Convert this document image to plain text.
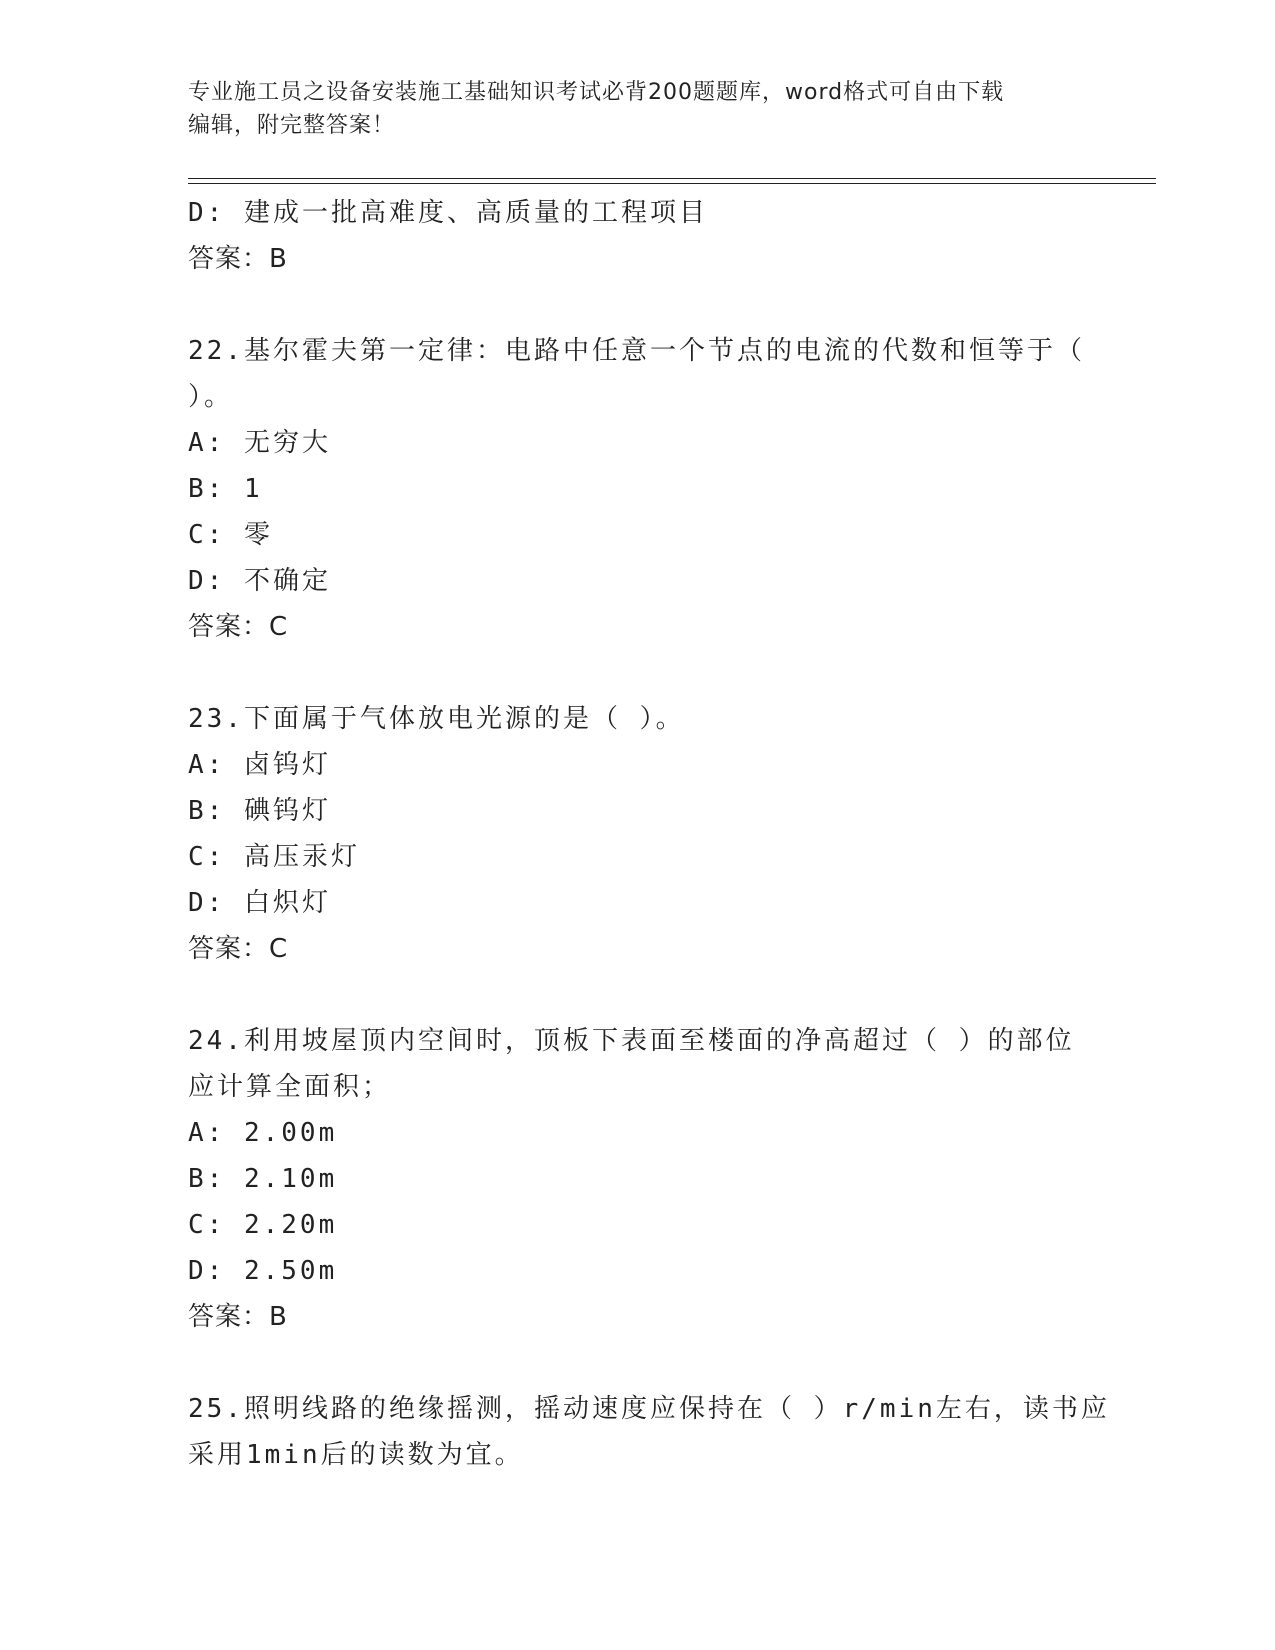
专业施工员之设备安装施工基础知识考试必背200题题库，word格式可自由下载
编辑，附完整答案！
D: 建成一批高难度、高质量的工程项目
答案：B
22.基尔霍夫第一定律：电路中任意一个节点的电流的代数和恒等于（
）。
A: 无穷大
B: 1
C: 零
D: 不确定
答案：C
23.下面属于气体放电光源的是（ ）。
A: 卤钨灯
B: 碘钨灯
C: 高压汞灯
D: 白炽灯
答案：C
24.利用坡屋顶内空间时，顶板下表面至楼面的净高超过（ ）的部位
应计算全面积；
A: 2.00m
B: 2.10m
C: 2.20m
D: 2.50m
答案：B
25.照明线路的绝缘摇测，摇动速度应保持在（ ）r/min左右，读书应
采用1min后的读数为宜。
